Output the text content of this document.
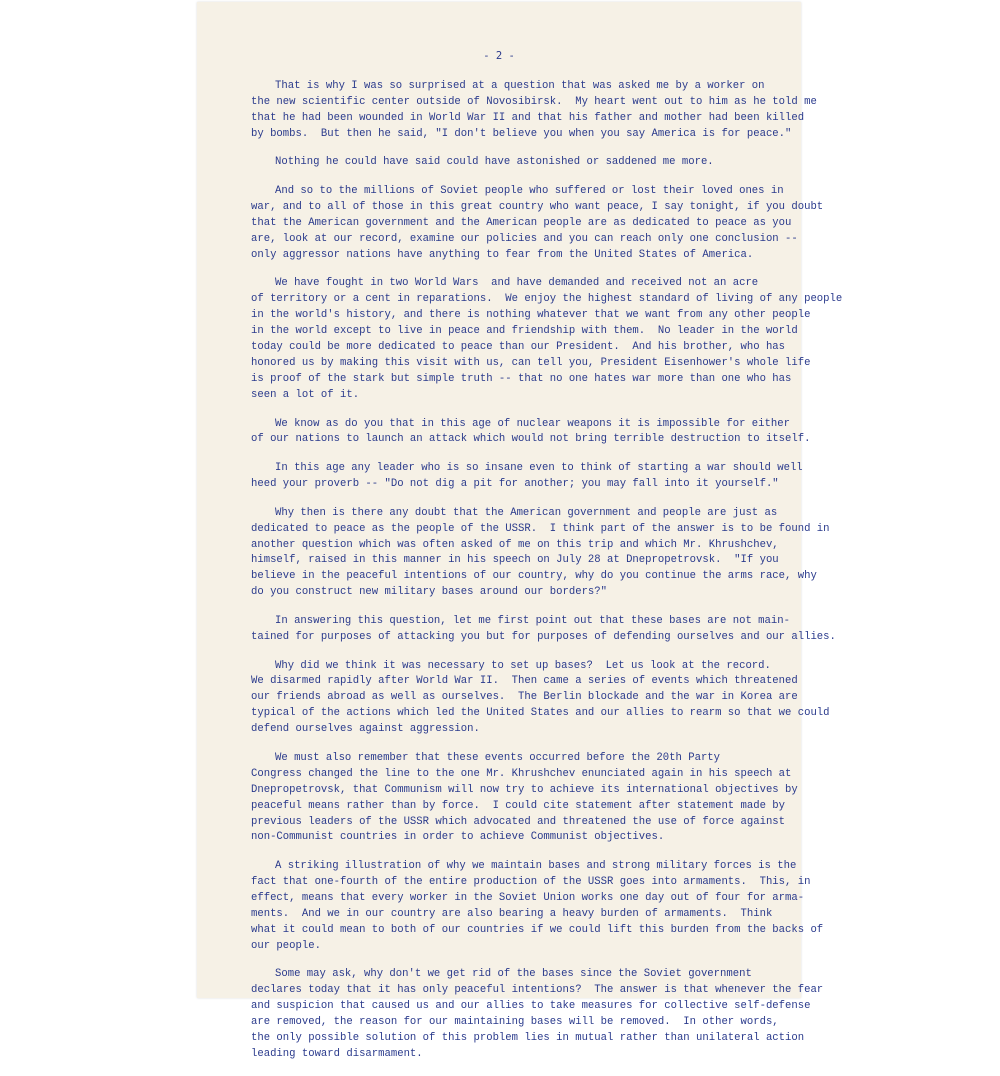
- 2 -
That is why I was so surprised at a question that was asked me by a worker on
the new scientific center outside of Novosibirsk.  My heart went out to him as he told me
that he had been wounded in World War II and that his father and mother had been killed
by bombs.  But then he said, "I don't believe you when you say America is for peace."
Nothing he could have said could have astonished or saddened me more.
And so to the millions of Soviet people who suffered or lost their loved ones in
war, and to all of those in this great country who want peace, I say tonight, if you doubt
that the American government and the American people are as dedicated to peace as you
are, look at our record, examine our policies and you can reach only one conclusion --
only aggressor nations have anything to fear from the United States of America.
We have fought in two World Wars  and have demanded and received not an acre
of territory or a cent in reparations.  We enjoy the highest standard of living of any people
in the world's history, and there is nothing whatever that we want from any other people
in the world except to live in peace and friendship with them.  No leader in the world
today could be more dedicated to peace than our President.  And his brother, who has
honored us by making this visit with us, can tell you, President Eisenhower's whole life
is proof of the stark but simple truth -- that no one hates war more than one who has
seen a lot of it.
We know as do you that in this age of nuclear weapons it is impossible for either
of our nations to launch an attack which would not bring terrible destruction to itself.
In this age any leader who is so insane even to think of starting a war should well
heed your proverb -- "Do not dig a pit for another; you may fall into it yourself."
Why then is there any doubt that the American government and people are just as
dedicated to peace as the people of the USSR.  I think part of the answer is to be found in
another question which was often asked of me on this trip and which Mr. Khrushchev,
himself, raised in this manner in his speech on July 28 at Dnepropetrovsk.  "If you
believe in the peaceful intentions of our country, why do you continue the arms race, why
do you construct new military bases around our borders?"
In answering this question, let me first point out that these bases are not main-
tained for purposes of attacking you but for purposes of defending ourselves and our allies.
Why did we think it was necessary to set up bases?  Let us look at the record.
We disarmed rapidly after World War II.  Then came a series of events which threatened
our friends abroad as well as ourselves.  The Berlin blockade and the war in Korea are
typical of the actions which led the United States and our allies to rearm so that we could
defend ourselves against aggression.
We must also remember that these events occurred before the 20th Party
Congress changed the line to the one Mr. Khrushchev enunciated again in his speech at
Dnepropetrovsk, that Communism will now try to achieve its international objectives by
peaceful means rather than by force.  I could cite statement after statement made by
previous leaders of the USSR which advocated and threatened the use of force against
non-Communist countries in order to achieve Communist objectives.
A striking illustration of why we maintain bases and strong military forces is the
fact that one-fourth of the entire production of the USSR goes into armaments.  This, in
effect, means that every worker in the Soviet Union works one day out of four for arma-
ments.  And we in our country are also bearing a heavy burden of armaments.  Think
what it could mean to both of our countries if we could lift this burden from the backs of
our people.
Some may ask, why don't we get rid of the bases since the Soviet government
declares today that it has only peaceful intentions?  The answer is that whenever the fear
and suspicion that caused us and our allies to take measures for collective self-defense
are removed, the reason for our maintaining bases will be removed.  In other words,
the only possible solution of this problem lies in mutual rather than unilateral action
leading toward disarmament.
